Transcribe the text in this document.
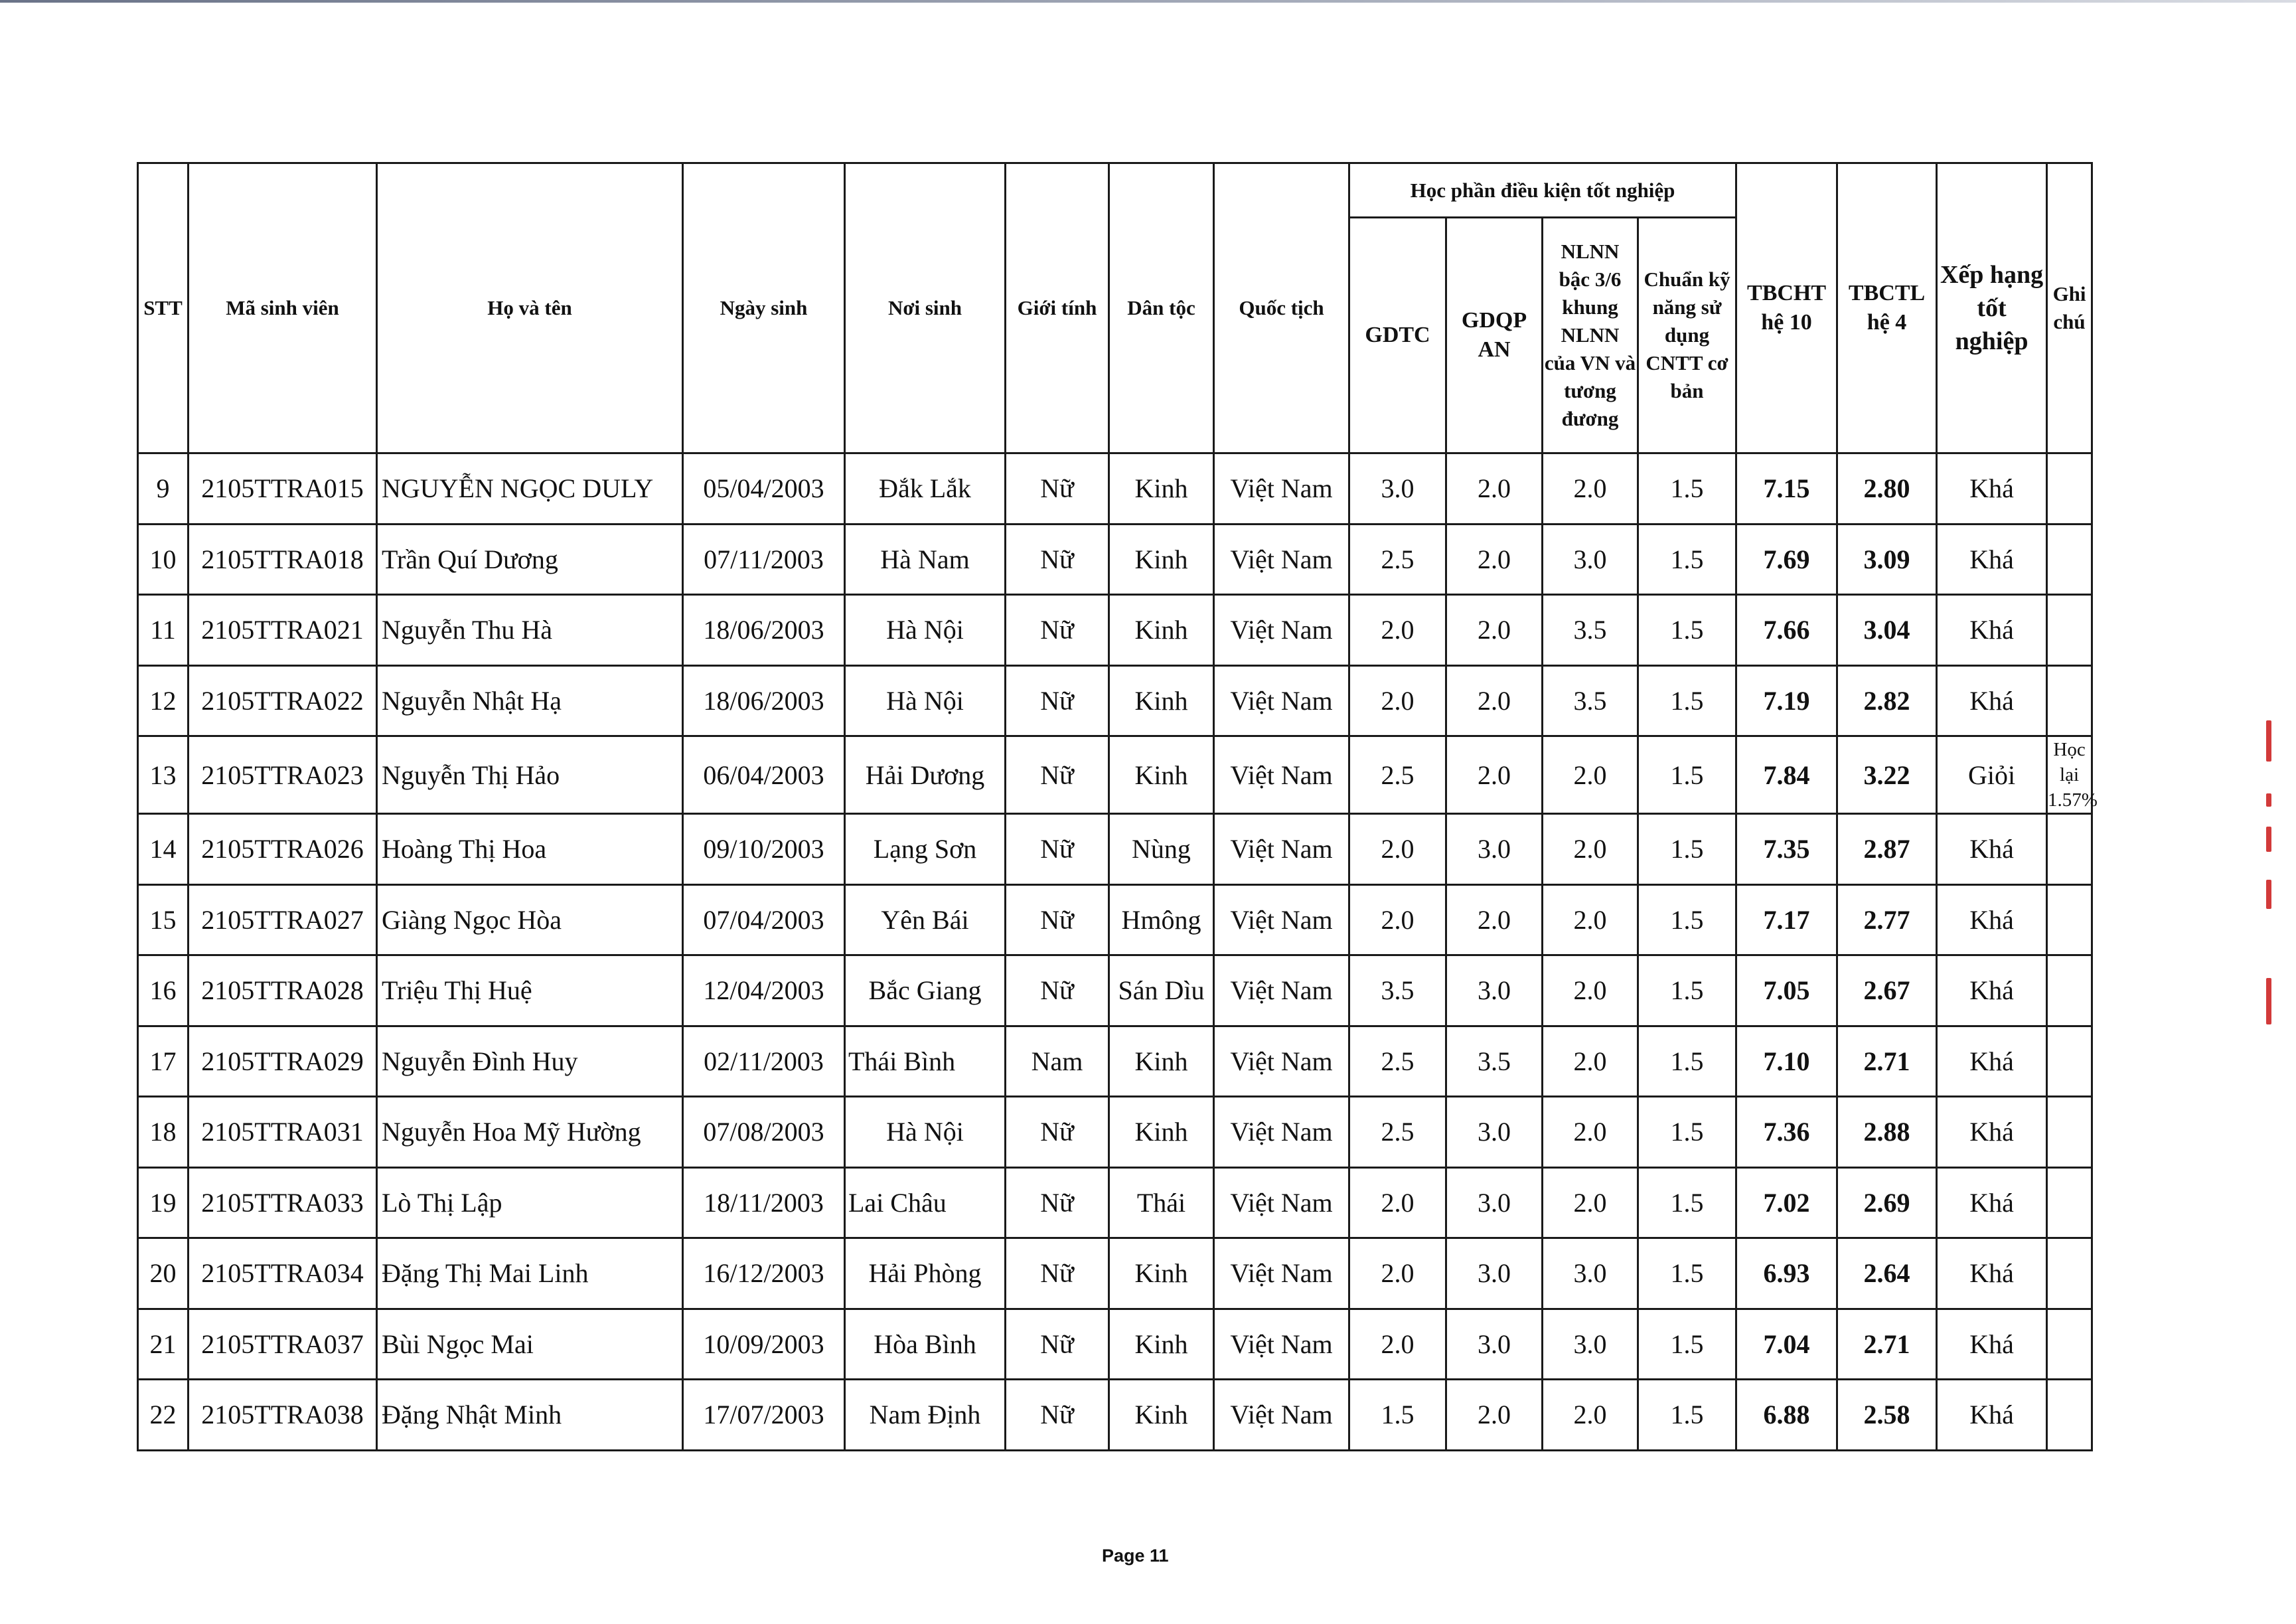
STT	Mã sinh viên	Họ và tên	Ngày sinh	Nơi sinh	Giới tính	Dân tộc	Quốc tịch	Học phần điều kiện tốt nghiệp				TBCHT hệ 10	TBCTL hệ 4	Xếp hạng tốt nghiệp	Ghi chú
								GDTC	GDQP AN	NLNN bậc 3/6 khung NLNN của VN và tương đương	Chuẩn kỹ năng sử dụng CNTT cơ bản				
9	2105TTRA015	NGUYỄN NGỌC DULY	05/04/2003	Đắk Lắk	Nữ	Kinh	Việt Nam	3.0	2.0	2.0	1.5	7.15	2.80	Khá	
10	2105TTRA018	Trần Quí Dương	07/11/2003	Hà Nam	Nữ	Kinh	Việt Nam	2.5	2.0	3.0	1.5	7.69	3.09	Khá	
11	2105TTRA021	Nguyễn Thu Hà	18/06/2003	Hà Nội	Nữ	Kinh	Việt Nam	2.0	2.0	3.5	1.5	7.66	3.04	Khá	
12	2105TTRA022	Nguyễn Nhật Hạ	18/06/2003	Hà Nội	Nữ	Kinh	Việt Nam	2.0	2.0	3.5	1.5	7.19	2.82	Khá	
13	2105TTRA023	Nguyễn Thị Hảo	06/04/2003	Hải Dương	Nữ	Kinh	Việt Nam	2.5	2.0	2.0	1.5	7.84	3.22	Giỏi	Học lại 1.57%
14	2105TTRA026	Hoàng Thị Hoa	09/10/2003	Lạng Sơn	Nữ	Nùng	Việt Nam	2.0	3.0	2.0	1.5	7.35	2.87	Khá	
15	2105TTRA027	Giàng Ngọc Hòa	07/04/2003	Yên Bái	Nữ	Hmông	Việt Nam	2.0	2.0	2.0	1.5	7.17	2.77	Khá	
16	2105TTRA028	Triệu Thị Huệ	12/04/2003	Bắc Giang	Nữ	Sán Dìu	Việt Nam	3.5	3.0	2.0	1.5	7.05	2.67	Khá	
17	2105TTRA029	Nguyễn Đình Huy	02/11/2003	Thái Bình	Nam	Kinh	Việt Nam	2.5	3.5	2.0	1.5	7.10	2.71	Khá	
18	2105TTRA031	Nguyễn Hoa Mỹ Hường	07/08/2003	Hà Nội	Nữ	Kinh	Việt Nam	2.5	3.0	2.0	1.5	7.36	2.88	Khá	
19	2105TTRA033	Lò Thị Lập	18/11/2003	Lai Châu	Nữ	Thái	Việt Nam	2.0	3.0	2.0	1.5	7.02	2.69	Khá	
20	2105TTRA034	Đặng Thị Mai Linh	16/12/2003	Hải Phòng	Nữ	Kinh	Việt Nam	2.0	3.0	3.0	1.5	6.93	2.64	Khá	
21	2105TTRA037	Bùi Ngọc Mai	10/09/2003	Hòa Bình	Nữ	Kinh	Việt Nam	2.0	3.0	3.0	1.5	7.04	2.71	Khá	
22	2105TTRA038	Đặng Nhật Minh	17/07/2003	Nam Định	Nữ	Kinh	Việt Nam	1.5	2.0	2.0	1.5	6.88	2.58	Khá	
Page 11
